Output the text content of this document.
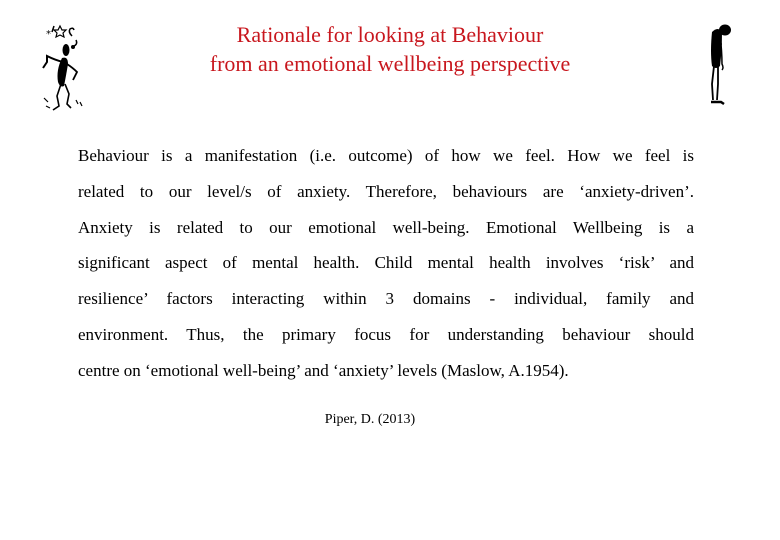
*	Rationale for looking at Behaviour
from an emotional wellbeing perspective
Behaviour is a manifestation (i.e. outcome) of how we feel. How we feel is
related to our level/s of anxiety. Therefore, behaviours are ‘anxiety-driven’.
Anxiety is related to our emotional well-being. Emotional Wellbeing is a
significant aspect of mental health. Child mental health involves ‘risk’ and
resilience’ factors interacting within 3 domains - individual, family and
environment. Thus, the primary focus for understanding behaviour should
centre on ‘emotional well-being’ and ‘anxiety’ levels (Maslow, A.1954).
Piper, D. (2013)
